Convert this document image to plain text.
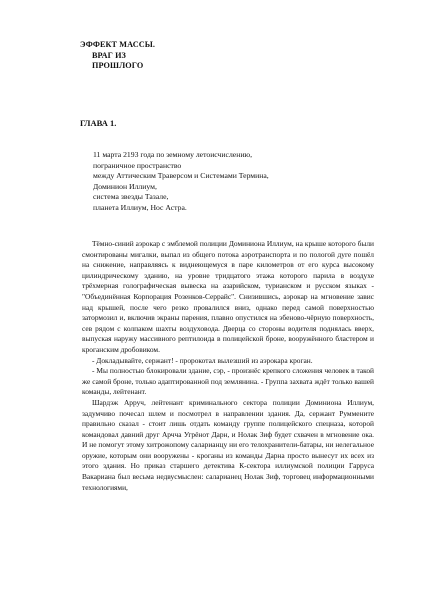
ЭФФЕКТ МАССЫ.
ВРАГ ИЗ
ПРОШЛОГО
ГЛАВА 1.
11 марта 2193 года по земному летоисчислению,
пограничное пространство
между Аттическим Траверсом и Системами Термина,
Доминион Иллиум,
система звезды Тазале,
планета Иллиум, Нос Астра.

Тёмно-синий аэрокар с эмблемой полиции Доминиона Иллиум, на крыше которого были смонтированы мигалки, выпал из общего потока аэротранспорта и по пологой дуге пошёл на снижение, направляясь к виднеющемуся в паре километров от его курса высокому цилиндрическому зданию, на уровне тридцатого этажа которого парила в воздухе трёхмерная голографическая вывеска на азарийском, турианском и русском языках - "Объединённая Корпорация Розенков-Серрайс". Снизившись, аэрокар на мгновение завис над крышей, после чего резко провалился вниз, однако перед самой поверхностью затормозил и, включив экраны парения, плавно опустился на эбеново-чёрную поверхность, сев рядом с колпаком шахты воздуховода. Дверца со стороны водителя поднялась вверх, выпуская наружу массивного рептилоида в полицейской броне, вооружённого бластером и кроганским дробовиком.

- Докладывайте, сержант! - пророкотал вылезший из аэрокара кроган.

- Мы полностью блокировали здание, сэр, - произнёс крепкого сложения человек в такой же самой броне, только адаптированной под землянина. - Группа захвата ждёт только вашей команды, лейтенант.

Шардэж Арруч, лейтенант криминального сектора полиции Доминиона Иллиум, задумчиво почесал шлем и посмотрел в направлении здания. Да, сержант Руммените правильно сказал - стоит лишь отдать команду группе полицейского спецназа, которой командовал давний друг Арчча Угрёнот Дарн, и Нолак Зиф будет схвачен в мгновение ока. И не помогут этому хитрожопому саларианцу ни его телохранители-батары, ни нелегальное оружие, которым они вооружены - кроганы из команды Дарна просто вынесут их всех из этого здания. Но приказ старшего детектива К-сектора иллиумской полиции Гарруса Вакариана был весьма недвусмыслен: саларианец Нолак Зиф, торговец информационными технологиями,
